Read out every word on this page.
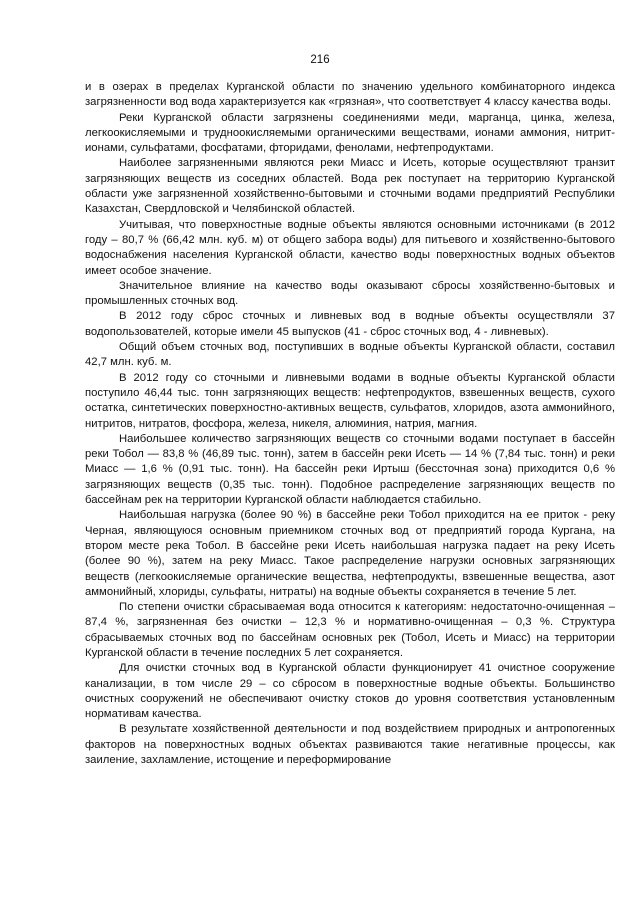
216

и в озерах в пределах Курганской области по значению удельного комбинаторного индекса загрязненности вод вода характеризуется как «грязная», что соответствует 4 классу качества воды.

Реки Курганской области загрязнены соединениями меди, марганца, цинка, железа, легкоокисляемыми и трудноокисляемыми органическими веществами, ионами аммония, нитрит-ионами, сульфатами, фосфатами, фторидами, фенолами, нефтепродуктами.

Наиболее загрязненными являются реки Миасс и Исеть, которые осуществляют транзит загрязняющих веществ из соседних областей. Вода рек поступает на территорию Курганской области уже загрязненной хозяйственно-бытовыми и сточными водами предприятий Республики Казахстан, Свердловской и Челябинской областей.

Учитывая, что поверхностные водные объекты являются основными источниками (в 2012 году – 80,7 % (66,42 млн. куб. м) от общего забора воды) для питьевого и хозяйственно-бытового водоснабжения населения Курганской области, качество воды поверхностных водных объектов имеет особое значение.

Значительное влияние на качество воды оказывают сбросы хозяйственно-бытовых и промышленных сточных вод.

В 2012 году сброс сточных и ливневых вод в водные объекты осуществляли 37 водопользователей, которые имели 45 выпусков (41 - сброс сточных вод, 4 - ливневых).

Общий объем сточных вод, поступивших в водные объекты Курганской области, составил 42,7 млн. куб. м.

В 2012 году со сточными и ливневыми водами в водные объекты Курганской области поступило 46,44 тыс. тонн загрязняющих веществ: нефтепродуктов, взвешенных веществ, сухого остатка, синтетических поверхностно-активных веществ, сульфатов, хлоридов, азота аммонийного, нитритов, нитратов, фосфора, железа, никеля, алюминия, натрия, магния.

Наибольшее количество загрязняющих веществ со сточными водами поступает в бассейн реки Тобол — 83,8 % (46,89 тыс. тонн), затем в бассейн реки Исеть — 14 % (7,84 тыс. тонн) и реки Миасс — 1,6 % (0,91 тыс. тонн). На бассейн реки Иртыш (бессточная зона) приходится 0,6 % загрязняющих веществ (0,35 тыс. тонн). Подобное распределение загрязняющих веществ по бассейнам рек на территории Курганской области наблюдается стабильно.

Наибольшая нагрузка (более 90 %) в бассейне реки Тобол приходится на ее приток - реку Черная, являющуюся основным приемником сточных вод от предприятий города Кургана, на втором месте река Тобол. В бассейне реки Исеть наибольшая нагрузка падает на реку Исеть (более 90 %), затем на реку Миасс. Такое распределение нагрузки основных загрязняющих веществ (легкоокисляемые органические вещества, нефтепродукты, взвешенные вещества, азот аммонийный, хлориды, сульфаты, нитраты) на водные объекты сохраняется в течение 5 лет.

По степени очистки сбрасываемая вода относится к категориям: недостаточно-очищенная – 87,4 %, загрязненная без очистки – 12,3 % и нормативно-очищенная – 0,3 %. Структура сбрасываемых сточных вод по бассейнам основных рек (Тобол, Исеть и Миасс) на территории Курганской области в течение последних 5 лет сохраняется.

Для очистки сточных вод в Курганской области функционирует 41 очистное сооружение канализации, в том числе 29 – со сбросом в поверхностные водные объекты. Большинство очистных сооружений не обеспечивают очистку стоков до уровня соответствия установленным нормативам качества.

В результате хозяйственной деятельности и под воздействием природных и антропогенных факторов на поверхностных водных объектах развиваются такие негативные процессы, как заиление, захламление, истощение и переформирование
